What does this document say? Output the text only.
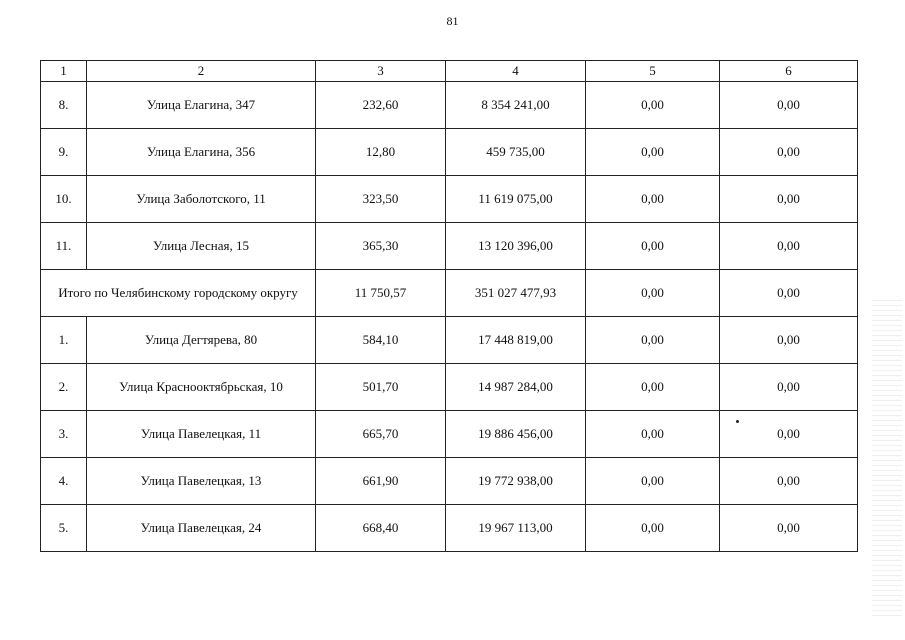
81
1	2	3	4	5	6
8.	Улица Елагина, 347	232,60	8 354 241,00	0,00	0,00
9.	Улица Елагина, 356	12,80	459 735,00	0,00	0,00
10.	Улица Заболотского, 11	323,50	11 619 075,00	0,00	0,00
11.	Улица Лесная, 15	365,30	13 120 396,00	0,00	0,00
Итого по Челябинскому городскому округу		11 750,57	351 027 477,93	0,00	0,00
1.	Улица Дегтярева, 80	584,10	17 448 819,00	0,00	0,00
2.	Улица Краснооктябрьская, 10	501,70	14 987 284,00	0,00	0,00
3.	Улица Павелецкая, 11	665,70	19 886 456,00	0,00	0,00
4.	Улица Павелецкая, 13	661,90	19 772 938,00	0,00	0,00
5.	Улица Павелецкая, 24	668,40	19 967 113,00	0,00	0,00
